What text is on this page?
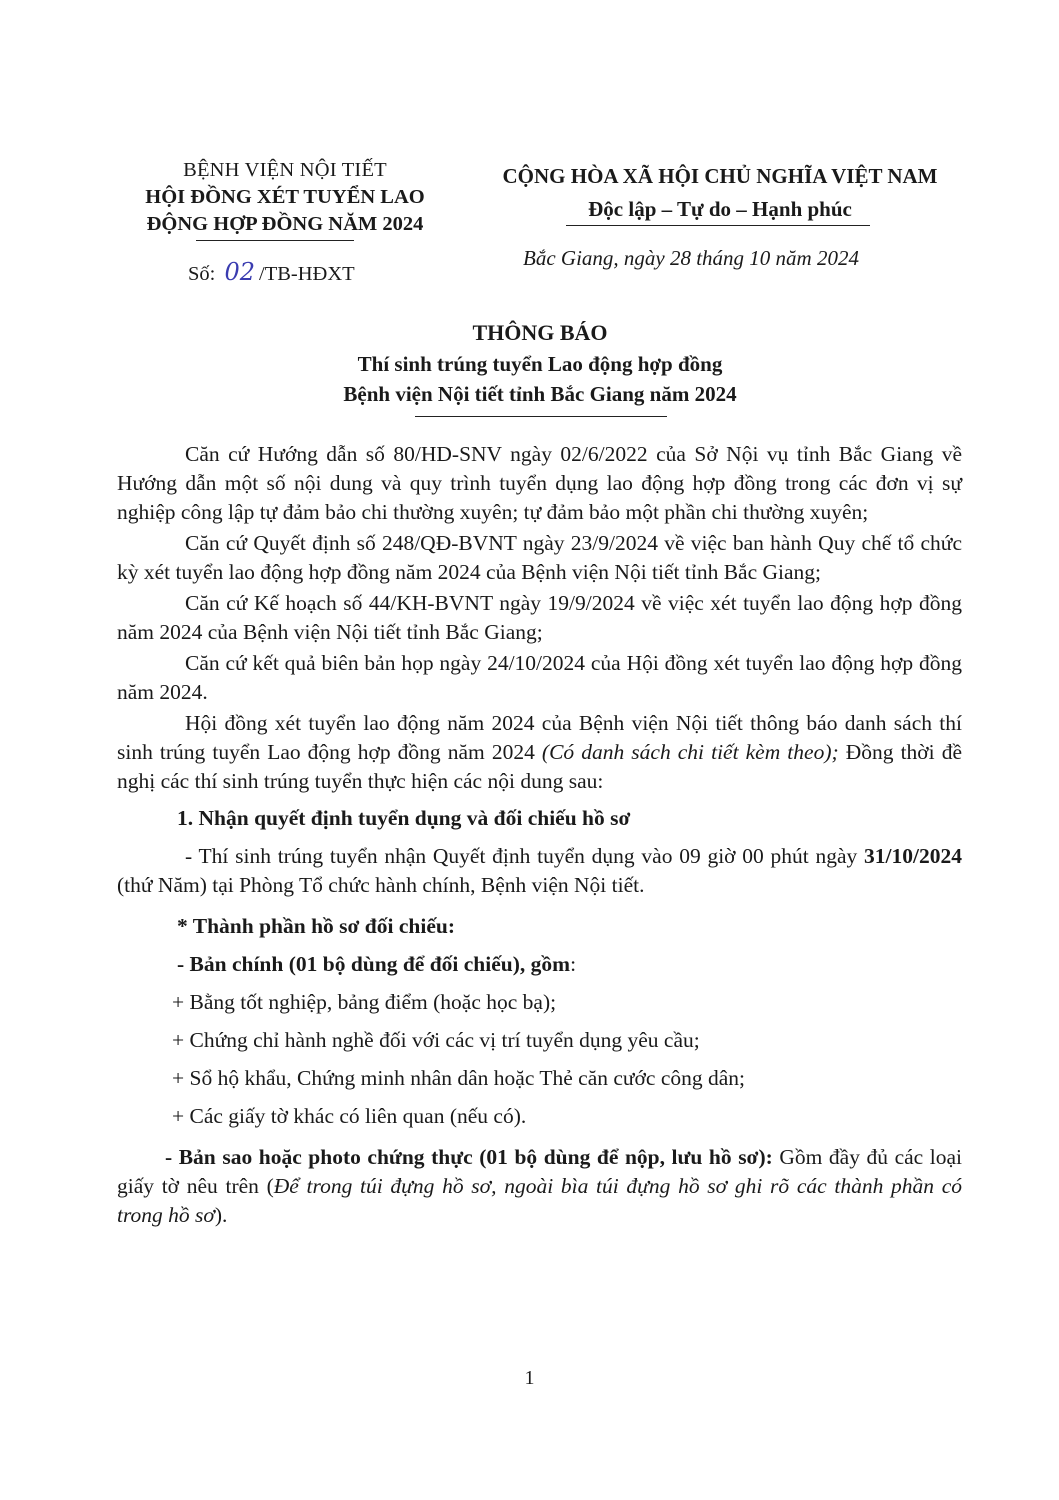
BỆNH VIỆN NỘI TIẾT
HỘI ĐỒNG XÉT TUYỂN LAO
ĐỘNG HỢP ĐỒNG NĂM 2024
Số: 02 /TB-HĐXT
CỘNG HÒA XÃ HỘI CHỦ NGHĨA VIỆT NAM
Độc lập – Tự do – Hạnh phúc
Bắc Giang, ngày 28 tháng 10 năm 2024
THÔNG BÁO
Thí sinh trúng tuyển Lao động hợp đồng
Bệnh viện Nội tiết tỉnh Bắc Giang năm 2024

Căn cứ Hướng dẫn số 80/HD-SNV ngày 02/6/2022 của Sở Nội vụ tỉnh Bắc Giang về Hướng dẫn một số nội dung và quy trình tuyển dụng lao động hợp đồng trong các đơn vị sự nghiệp công lập tự đảm bảo chi thường xuyên; tự đảm bảo một phần chi thường xuyên;

Căn cứ Quyết định số 248/QĐ-BVNT ngày 23/9/2024 về việc ban hành Quy chế tổ chức kỳ xét tuyển lao động hợp đồng năm 2024 của Bệnh viện Nội tiết tỉnh Bắc Giang;

Căn cứ Kế hoạch số 44/KH-BVNT ngày 19/9/2024 về việc xét tuyển lao động hợp đồng năm 2024 của Bệnh viện Nội tiết tỉnh Bắc Giang;

Căn cứ kết quả biên bản họp ngày 24/10/2024 của Hội đồng xét tuyển lao động hợp đồng năm 2024.

Hội đồng xét tuyển lao động năm 2024 của Bệnh viện Nội tiết thông báo danh sách thí sinh trúng tuyển Lao động hợp đồng năm 2024 (Có danh sách chi tiết kèm theo); Đồng thời đề nghị các thí sinh trúng tuyển thực hiện các nội dung sau:

1. Nhận quyết định tuyển dụng và đối chiếu hồ sơ

- Thí sinh trúng tuyển nhận Quyết định tuyển dụng vào 09 giờ 00 phút ngày 31/10/2024 (thứ Năm) tại Phòng Tổ chức hành chính, Bệnh viện Nội tiết.

* Thành phần hồ sơ đối chiếu:

- Bản chính (01 bộ dùng để đối chiếu), gồm:

+ Bằng tốt nghiệp, bảng điểm (hoặc học bạ);

+ Chứng chỉ hành nghề đối với các vị trí tuyển dụng yêu cầu;

+ Sổ hộ khẩu, Chứng minh nhân dân hoặc Thẻ căn cước công dân;

+ Các giấy tờ khác có liên quan (nếu có).

- Bản sao hoặc photo chứng thực (01 bộ dùng để nộp, lưu hồ sơ): Gồm đầy đủ các loại giấy tờ nêu trên (Để trong túi đựng hồ sơ, ngoài bìa túi đựng hồ sơ ghi rõ các thành phần có trong hồ sơ).

1
